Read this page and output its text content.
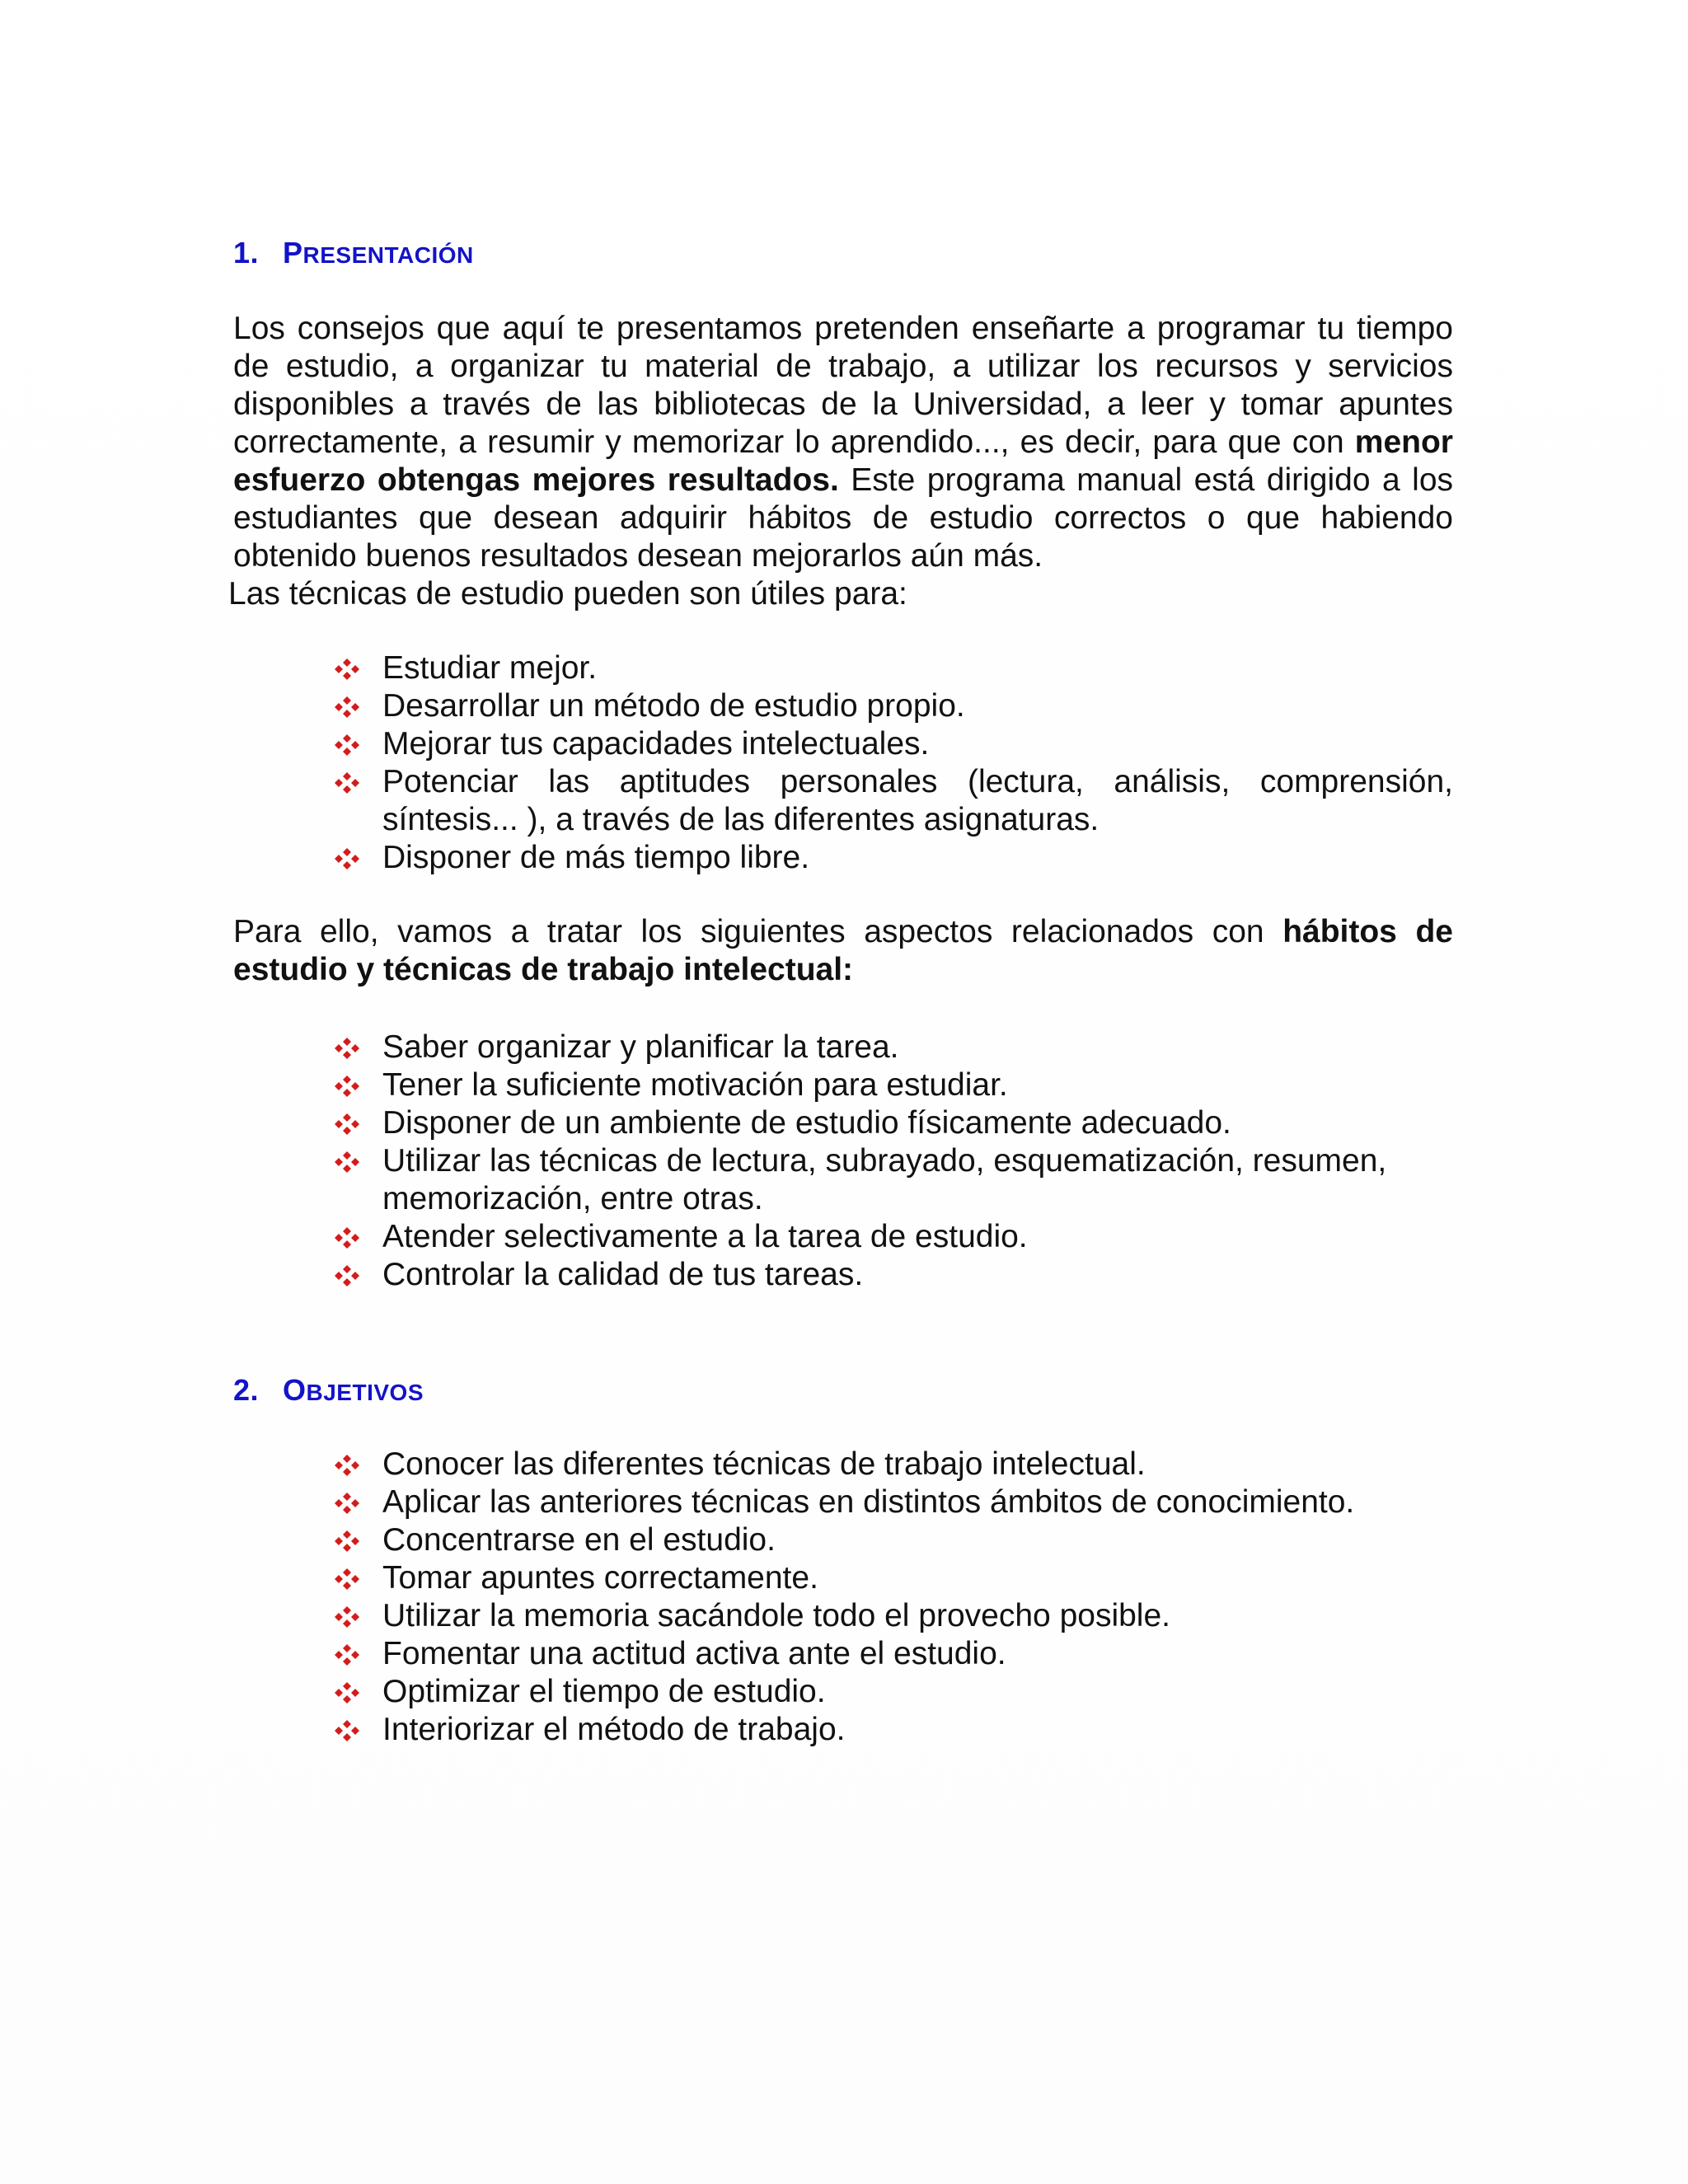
1. P RESENTACIÓN

Los consejos que aquí te presentamos pretenden enseñarte a programar tu tiempo de estudio, a organizar tu material de trabajo, a utilizar los recursos y servicios disponibles a través de las bibliotecas de la Universidad, a leer y tomar apuntes correctamente, a resumir y memorizar lo aprendido..., es decir, para que con menor esfuerzo obtengas mejores resultados. Este programa manual está dirigido a los estudiantes que desean adquirir hábitos de estudio correctos o que habiendo obtenido buenos resultados desean mejorarlos aún más.

Las técnicas de estudio pueden son útiles para:

Estudiar mejor.
Desarrollar un método de estudio propio.
Mejorar tus capacidades intelectuales.
Potenciar las aptitudes personales (lectura, análisis, comprensión, síntesis... ), a través de las diferentes asignaturas.
Disponer de más tiempo libre.

Para ello, vamos a tratar los siguientes aspectos relacionados con hábitos de estudio y técnicas de trabajo intelectual:

Saber organizar y planificar la tarea.
Tener la suficiente motivación para estudiar.
Disponer de un ambiente de estudio físicamente adecuado.
Utilizar las técnicas de lectura, subrayado, esquematización, resumen, memorización, entre otras.
Atender selectivamente a la tarea de estudio.
Controlar la calidad de tus tareas.
2. O BJETIVOS
Conocer las diferentes técnicas de trabajo intelectual.
Aplicar las anteriores técnicas en distintos ámbitos de conocimiento.
Concentrarse en el estudio.
Tomar apuntes correctamente.
Utilizar la memoria sacándole todo el provecho posible.
Fomentar una actitud activa ante el estudio.
Optimizar el tiempo de estudio.
Interiorizar el método de trabajo.
